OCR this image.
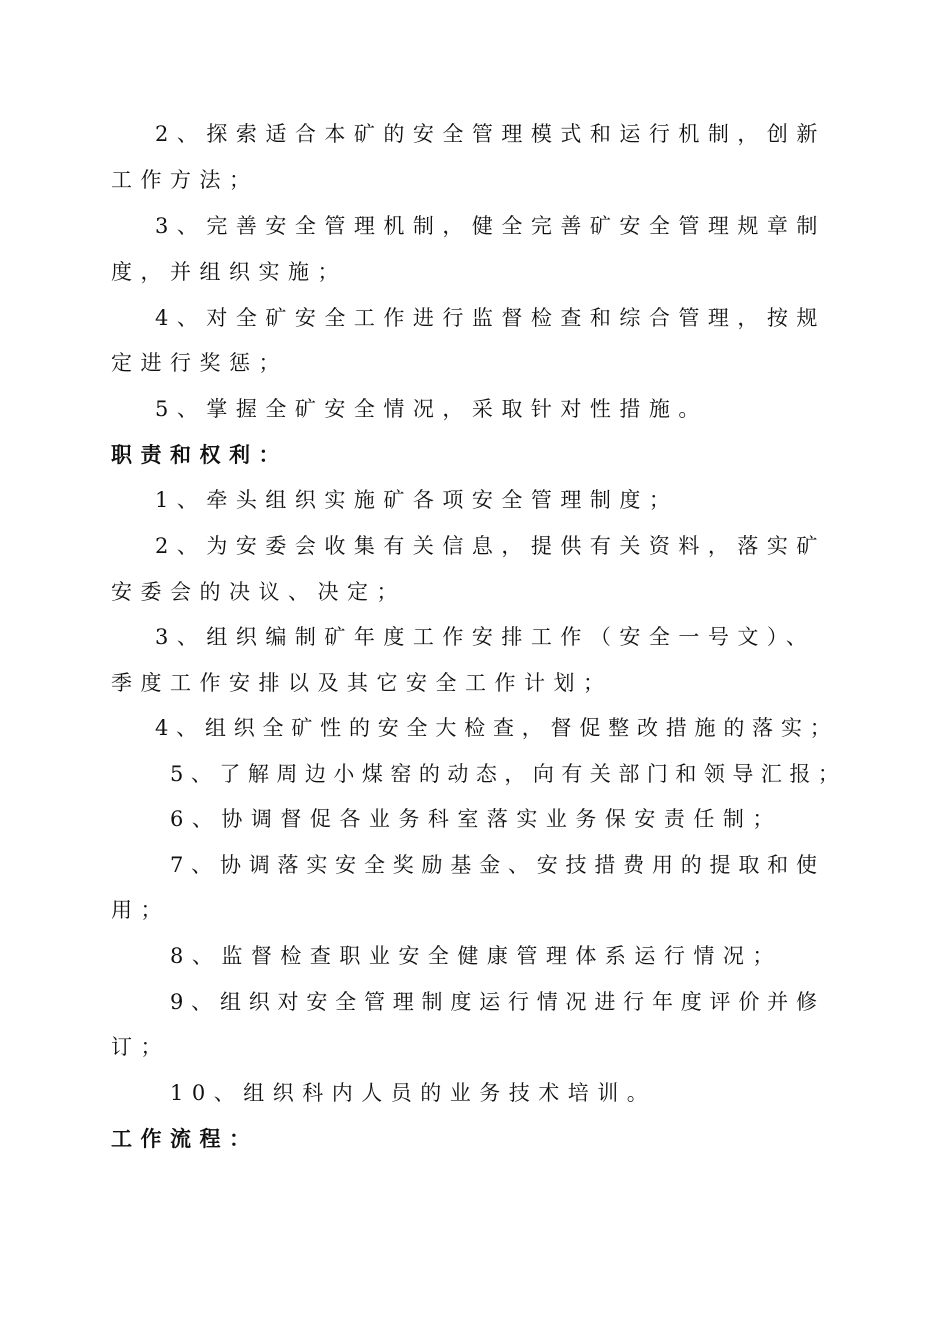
2、探索适合本矿的安全管理模式和运行机制，创新
工作方法；
3、完善安全管理机制，健全完善矿安全管理规章制
度，并组织实施；
4、对全矿安全工作进行监督检查和综合管理，按规
定进行奖惩；
5、掌握全矿安全情况，采取针对性措施。
职责和权利：
1、牵头组织实施矿各项安全管理制度；
2、为安委会收集有关信息，提供有关资料，落实矿
安委会的决议、决定；
3、组织编制矿年度工作安排工作（安全一号文）、
季度工作安排以及其它安全工作计划；
4、组织全矿性的安全大检查，督促整改措施的落实；
5、了解周边小煤窑的动态，向有关部门和领导汇报；
6、协调督促各业务科室落实业务保安责任制；
7、协调落实安全奖励基金、安技措费用的提取和使
用；
8、监督检查职业安全健康管理体系运行情况；
9、组织对安全管理制度运行情况进行年度评价并修
订；
10、组织科内人员的业务技术培训。
工作流程：
